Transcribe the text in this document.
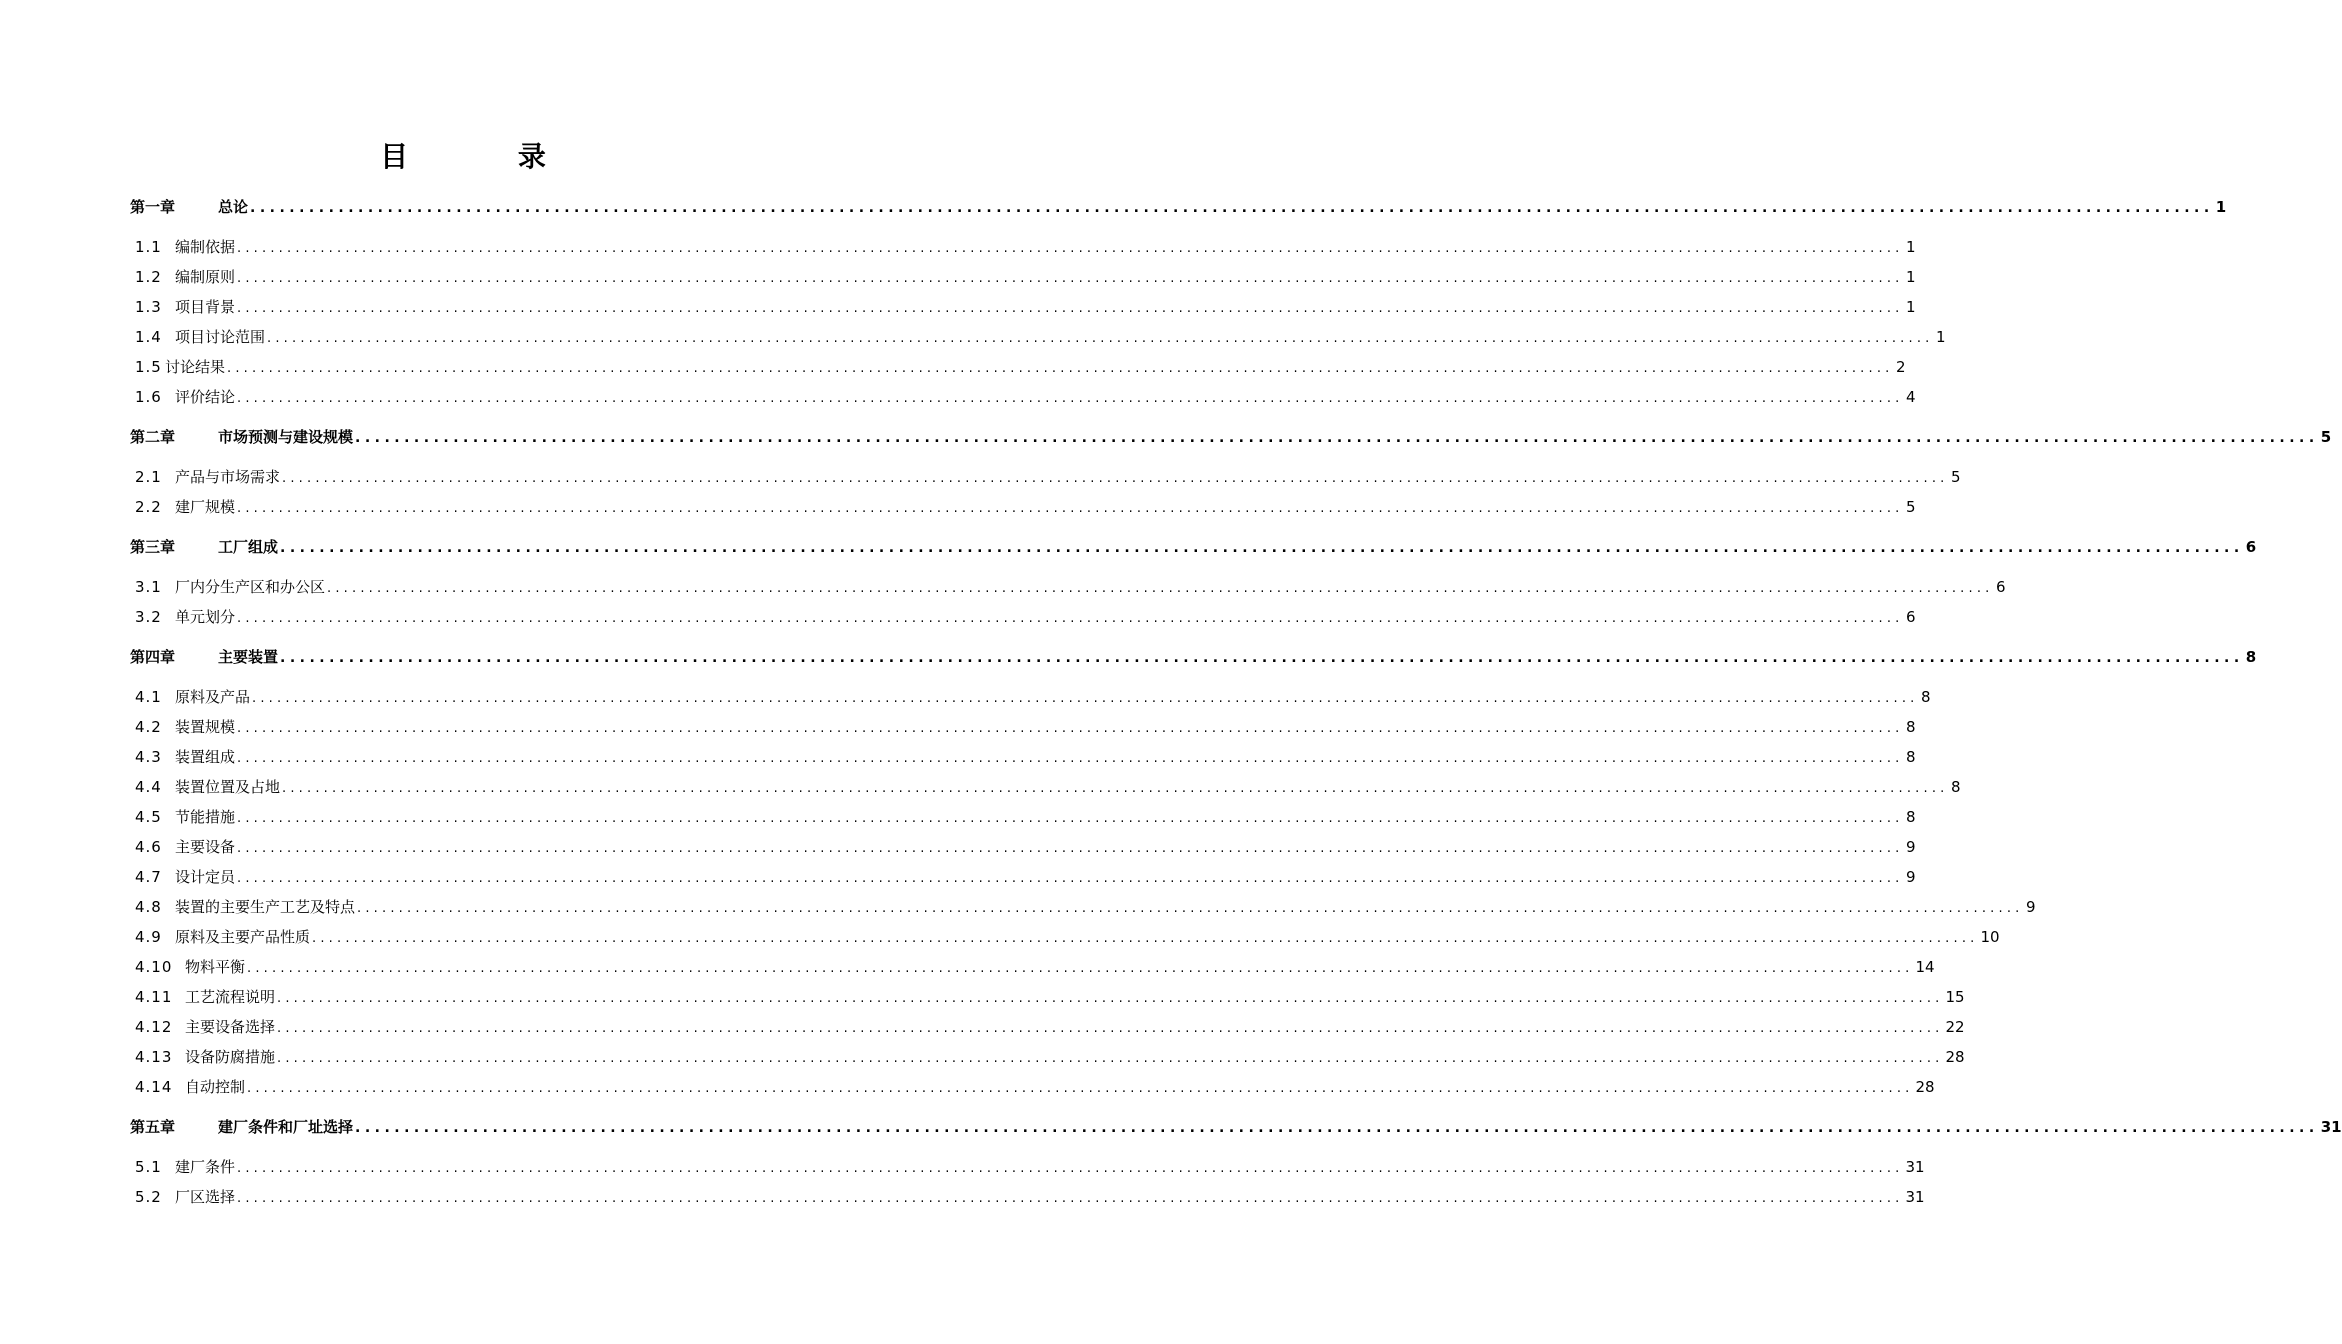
目 录
第一章	总论 ........................................................................................................................................................................................................ 1
1.1 编制依据 ........................................................................................................................................................................................................ 1
1.2 编制原则 ........................................................................................................................................................................................................ 1
1.3 项目背景 ........................................................................................................................................................................................................ 1
1.4 项目讨论范围 ........................................................................................................................................................................................................ 1
1.5 讨论结果 ........................................................................................................................................................................................................ 2
1.6 评价结论 ........................................................................................................................................................................................................ 4
第二章	市场预测与建设规模 ........................................................................................................................................................................................................ 5
2.1 产品与市场需求 ........................................................................................................................................................................................................ 5
2.2 建厂规模 ........................................................................................................................................................................................................ 5
第三章	工厂组成 ........................................................................................................................................................................................................ 6
3.1 厂内分生产区和办公区 ........................................................................................................................................................................................................ 6
3.2 单元划分 ........................................................................................................................................................................................................ 6
第四章	主要装置 ........................................................................................................................................................................................................ 8
4.1 原料及产品 ........................................................................................................................................................................................................ 8
4.2 装置规模 ........................................................................................................................................................................................................ 8
4.3 装置组成 ........................................................................................................................................................................................................ 8
4.4 装置位置及占地 ........................................................................................................................................................................................................ 8
4.5 节能措施 ........................................................................................................................................................................................................ 8
4.6 主要设备 ........................................................................................................................................................................................................ 9
4.7 设计定员 ........................................................................................................................................................................................................ 9
4.8 装置的主要生产工艺及特点 ........................................................................................................................................................................................................ 9
4.9 原料及主要产品性质 ........................................................................................................................................................................................................ 10
4.10 物料平衡 ........................................................................................................................................................................................................ 14
4.11 工艺流程说明 ........................................................................................................................................................................................................ 15
4.12 主要设备选择 ........................................................................................................................................................................................................ 22
4.13 设备防腐措施 ........................................................................................................................................................................................................ 28
4.14 自动控制 ........................................................................................................................................................................................................ 28
第五章	建厂条件和厂址选择 ........................................................................................................................................................................................................ 31
5.1 建厂条件 ........................................................................................................................................................................................................ 31
5.2 厂区选择 ........................................................................................................................................................................................................ 31
